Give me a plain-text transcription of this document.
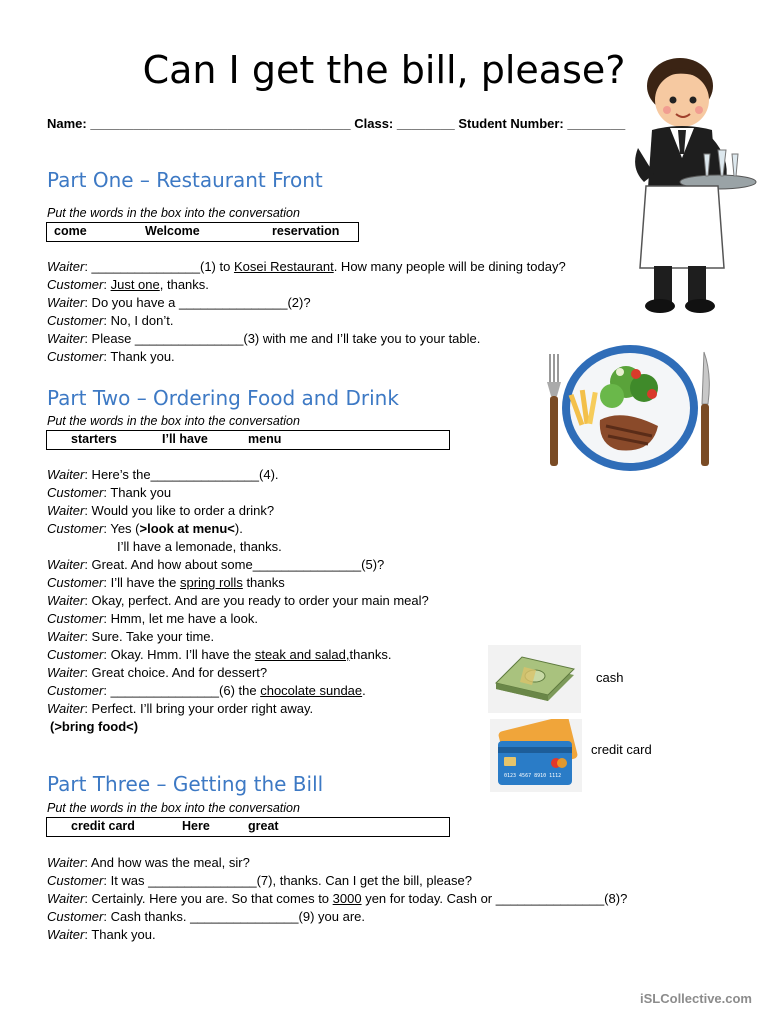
Can I get the bill, please?
Name: ____________________________________ Class: ________ Student Number: ________
Part One – Restaurant Front
Put the words in the box into the conversation
come	Welcome	reservation
Waiter: _______________(1) to Kosei Restaurant. How many people will be dining today?
Customer: Just one, thanks.
Waiter: Do you have a _______________(2)?
Customer: No, I don’t.
Waiter: Please _______________(3) with me and I’ll take you to your table.
Customer: Thank you.
Part Two – Ordering Food and Drink
Put the words in the box into the conversation
starters	I’ll have	menu
Waiter: Here’s the_______________(4).
Customer: Thank you
Waiter: Would you like to order a drink?
Customer: Yes (>look at menu<).
I’ll have a lemonade, thanks.
Waiter: Great. And how about some_______________(5)?
Customer: I’ll have the spring rolls thanks
Waiter: Okay, perfect. And are you ready to order your main meal?
Customer: Hmm, let me have a look.
Waiter: Sure. Take your time.
Customer: Okay. Hmm. I’ll have the steak and salad,thanks.
Waiter: Great choice. And for dessert?
Customer: _______________(6) the chocolate sundae.
Waiter: Perfect. I’ll bring your order right away.
(>bring food<)
cash
0123 4567 8910 1112
credit card
Part Three – Getting the Bill
Put the words in the box into the conversation
credit card	Here	great
Waiter: And how was the meal, sir?
Customer: It was _______________(7), thanks. Can I get the bill, please?
Waiter: Certainly. Here you are. So that comes to 3000 yen for today. Cash or _______________(8)?
Customer: Cash thanks. _______________(9) you are.
Waiter: Thank you.
iSLCollective.com
